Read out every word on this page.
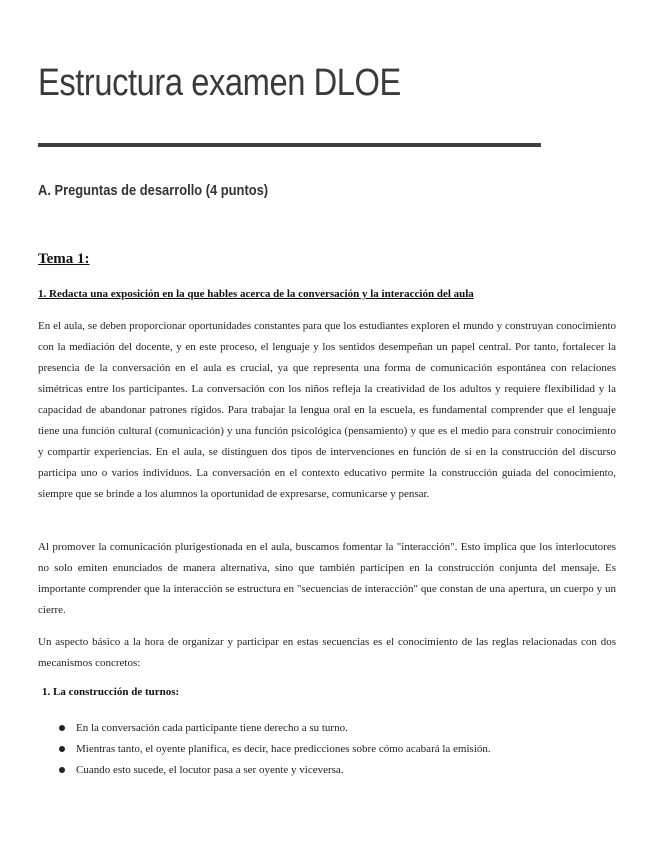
Estructura examen DLOE
A. Preguntas de desarrollo (4 puntos)
Tema 1:

1. Redacta una exposición en la que hables acerca de la conversación y la interacción del aula

En el aula, se deben proporcionar oportunidades constantes para que los estudiantes exploren el mundo y construyan conocimiento con la mediación del docente, y en este proceso, el lenguaje y los sentidos desempeñan un papel central. Por tanto, fortalecer la presencia de la conversación en el aula es crucial, ya que representa una forma de comunicación espontánea con relaciones simétricas entre los participantes. La conversación con los niños refleja la creatividad de los adultos y requiere flexibilidad y la capacidad de abandonar patrones rígidos. Para trabajar la lengua oral en la escuela, es fundamental comprender que el lenguaje tiene una función cultural (comunicación) y una función psicológica (pensamiento) y que es el medio para construir conocimiento y compartir experiencias. En el aula, se distinguen dos tipos de intervenciones en función de si en la construcción del discurso participa uno o varios individuos. La conversación en el contexto educativo permite la construcción guiada del conocimiento, siempre que se brinde a los alumnos la oportunidad de expresarse, comunicarse y pensar.

Al promover la comunicación plurigestionada en el aula, buscamos fomentar la "interacción". Esto implica que los interlocutores no solo emiten enunciados de manera alternativa, sino que también participen en la construcción conjunta del mensaje. Es importante comprender que la interacción se estructura en "secuencias de interacción" que constan de una apertura, un cuerpo y un cierre.

Un aspecto básico a la hora de organizar y participar en estas secuencias es el conocimiento de las reglas relacionadas con dos mecanismos concretos:

1. La construcción de turnos:

En la conversación cada participante tiene derecho a su turno.
Mientras tanto, el oyente planifica, es decir, hace predicciones sobre cómo acabará la emisión.
Cuando esto sucede, el locutor pasa a ser oyente y viceversa.
